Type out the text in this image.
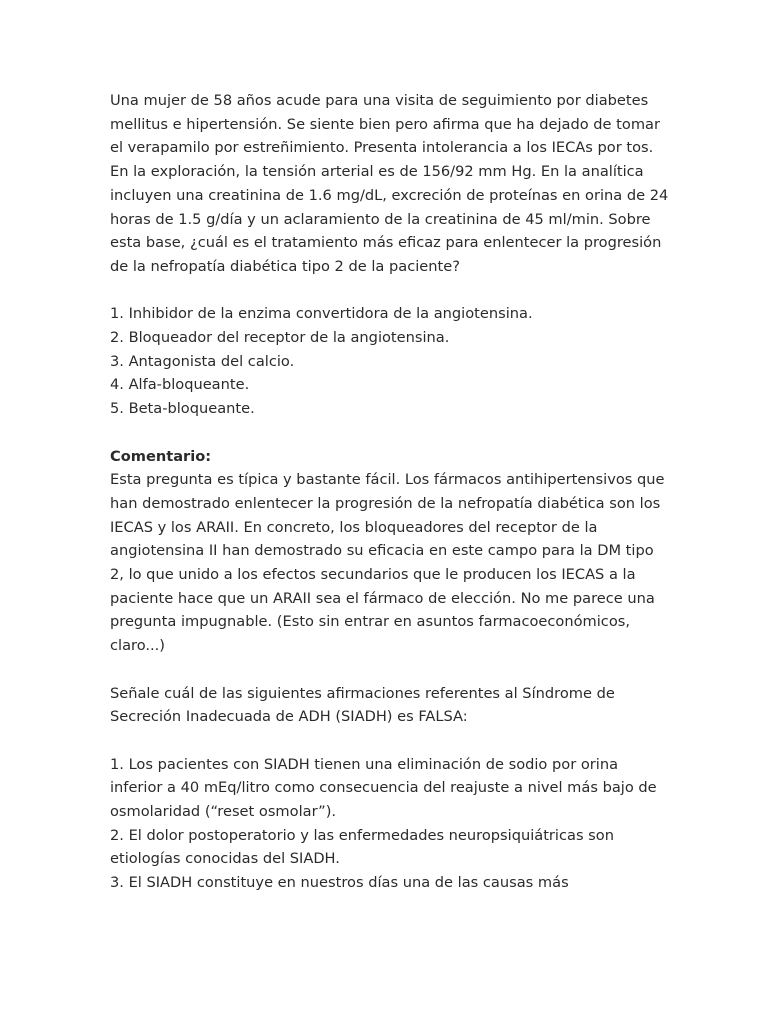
Una mujer de 58 años acude para una visita de seguimiento por diabetes mellitus e hipertensión. Se siente bien pero afirma que ha dejado de tomar el verapamilo por estreñimiento. Presenta intolerancia a los IECAs por tos. En la exploración, la tensión arterial es de 156/92 mm Hg. En la analítica incluyen una creatinina de 1.6 mg/dL, excreción de proteínas en orina de 24 horas de 1.5 g/día y un aclaramiento de la creatinina de 45 ml/min. Sobre esta base, ¿cuál es el tratamiento más eficaz para enlentecer la progresión de la nefropatía diabética tipo 2 de la paciente?

1. Inhibidor de la enzima convertidora de la angiotensina.

2. Bloqueador del receptor de la angiotensina.

3. Antagonista del calcio.

4. Alfa-bloqueante.

5. Beta-bloqueante.

Comentario:

Esta pregunta es típica y bastante fácil. Los fármacos antihipertensivos que han demostrado enlentecer la progresión de la nefropatía diabética son los IECAS y los ARAII. En concreto, los bloqueadores del receptor de la angiotensina II han demostrado su eficacia en este campo para la DM tipo 2, lo que unido a los efectos secundarios que le producen los IECAS a la paciente hace que un ARAII sea el fármaco de elección. No me parece una pregunta impugnable. (Esto sin entrar en asuntos farmacoeconómicos, claro...)

Señale cuál de las siguientes afirmaciones referentes al Síndrome de Secreción Inadecuada de ADH (SIADH) es FALSA:

1. Los pacientes con SIADH tienen una eliminación de sodio por orina inferior a 40 mEq/litro como consecuencia del reajuste a nivel más bajo de osmolaridad (“reset osmolar”).

2. El dolor postoperatorio y las enfermedades neuropsiquiátricas son etiologías conocidas del SIADH.

3. El SIADH constituye en nuestros días una de las causas más
